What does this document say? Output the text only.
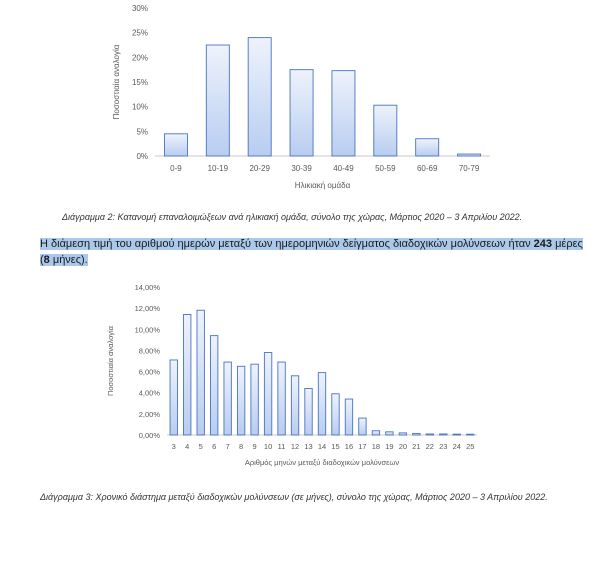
0%
5%
10%
15%
20%
25%
30%
0-9	10-19	20-29	30-39	40-49	50-59	60-69	70-79
Ηλικιακή ομάδα
Ποσοστιαία αναλογία
Διάγραμμα 2: Κατανομή επαναλοιμώξεων ανά ηλικιακή ομάδα, σύνολο της χώρας, Μάρτιος 2020 – 3 Απριλίου 2022.
Η διάμεση τιμή του αριθμού ημερών μεταξύ των ημερομηνιών δείγματος διαδοχικών μολύνσεων ήταν 243 μέρες (8 μήνες).
0,00%
2,00%
4,00%
6,00%
8,00%
10,00%
12,00%
14,00%
3 4 5 6 7 8 9 10 11 12 13 14 15 16 17 18 19 20 21 22 23 24 25
Αριθμός μηνών μεταξύ διαδοχικών μολύνσεων
Ποσοστιαία αναλογία
Διάγραμμα 3: Χρονικό διάστημα μεταξύ διαδοχικών μολύνσεων (σε μήνες), σύνολο της χώρας, Μάρτιος 2020 – 3 Απριλίου 2022.
